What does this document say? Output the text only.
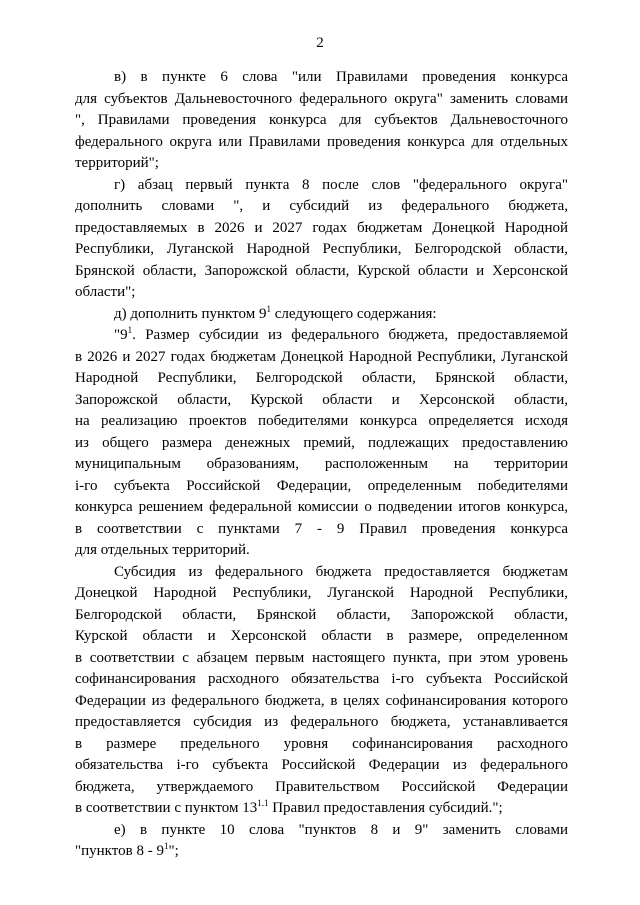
2
в) в пункте 6 слова "или Правилами проведения конкурса
для субъектов Дальневосточного федерального округа" заменить словами
", Правилами проведения конкурса для субъектов Дальневосточного
федерального округа или Правилами проведения конкурса для отдельных
территорий";
г) абзац первый пункта 8 после слов "федерального округа"
дополнить словами ", и субсидий из федерального бюджета,
предоставляемых в 2026 и 2027 годах бюджетам Донецкой Народной
Республики, Луганской Народной Республики, Белгородской области,
Брянской области, Запорожской области, Курской области и Херсонской
области";
д) дополнить пунктом $9^1$ следующего содержания:
"$9^1$. Размер субсидии из федерального бюджета, предоставляемой
в 2026 и 2027 годах бюджетам Донецкой Народной Республики, Луганской
Народной Республики, Белгородской области, Брянской области,
Запорожской области, Курской области и Херсонской области,
на реализацию проектов победителями конкурса определяется исходя
из общего размера денежных премий, подлежащих предоставлению
муниципальным образованиям, расположенным на территории
i-го субъекта Российской Федерации, определенным победителями
конкурса решением федеральной комиссии о подведении итогов конкурса,
в соответствии с пунктами 7 - 9 Правил проведения конкурса
для отдельных территорий.
Субсидия из федерального бюджета предоставляется бюджетам
Донецкой Народной Республики, Луганской Народной Республики,
Белгородской области, Брянской области, Запорожской области,
Курской области и Херсонской области в размере, определенном
в соответствии с абзацем первым настоящего пункта, при этом уровень
софинансирования расходного обязательства i-го субъекта Российской
Федерации из федерального бюджета, в целях софинансирования которого
предоставляется субсидия из федерального бюджета, устанавливается
в размере предельного уровня софинансирования расходного
обязательства i-го субъекта Российской Федерации из федерального
бюджета, утверждаемого Правительством Российской Федерации
в соответствии с пунктом $13^{1.1}$ Правил предоставления субсидий.";
е) в пункте 10 слова "пунктов 8 и 9" заменить словами
"пунктов $8 - 9^1$";
